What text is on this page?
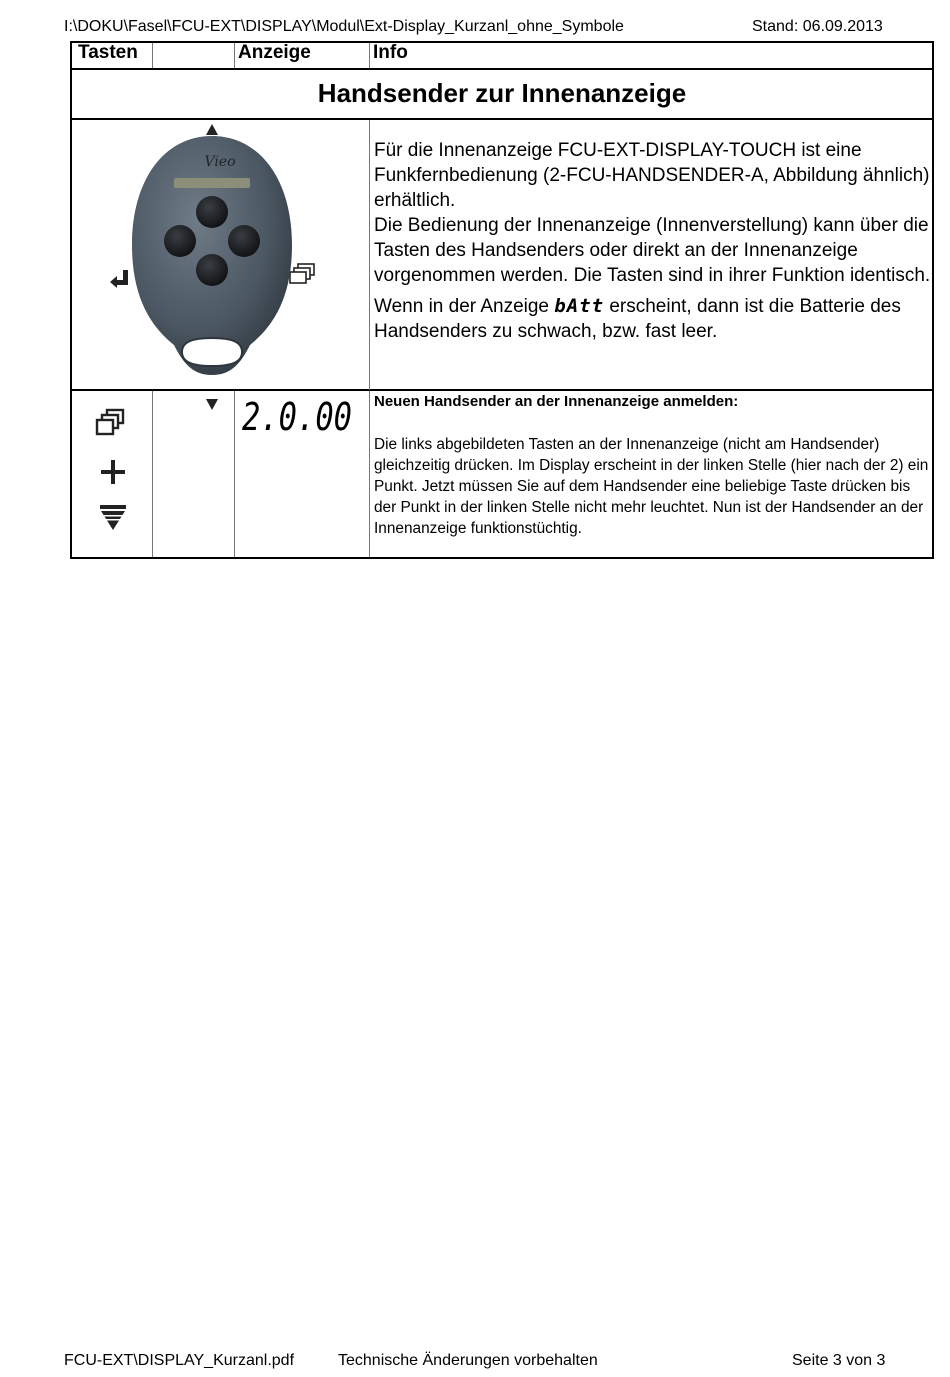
I:\DOKU\Fasel\FCU-EXT\DISPLAY\Modul\Ext-Display_Kurzanl_ohne_Symbole	Stand: 06.09.2013
Tasten	Anzeige	Info
Handsender zur Innenanzeige
Vieo

Für die Innenanzeige FCU-EXT-DISPLAY-TOUCH ist eine Funkfernbedienung (2-FCU-HANDSENDER-A, Abbildung ähnlich) erhältlich.

Die Bedienung der Innenanzeige (Innenverstellung) kann über die Tasten des Handsenders oder direkt an der Innenanzeige vorgenommen werden. Die Tasten sind in ihrer Funktion identisch.

Wenn in der Anzeige bAtt erscheint, dann ist die Batterie des Handsenders zu schwach, bzw. fast leer.

2.0.00 Neuen Handsender an der Innenanzeige anmelden:
Die links abgebildeten Tasten an der Innenanzeige (nicht am Handsender) gleichzeitig drücken. Im Display erscheint in der linken Stelle (hier nach der 2) ein Punkt. Jetzt müssen Sie auf dem Handsender eine beliebige Taste drücken bis der Punkt in der linken Stelle nicht mehr leuchtet. Nun ist der Handsender an der Innenanzeige funktionstüchtig.
FCU-EXT\DISPLAY_Kurzanl.pdf	Technische Änderungen vorbehalten	Seite 3 von 3
